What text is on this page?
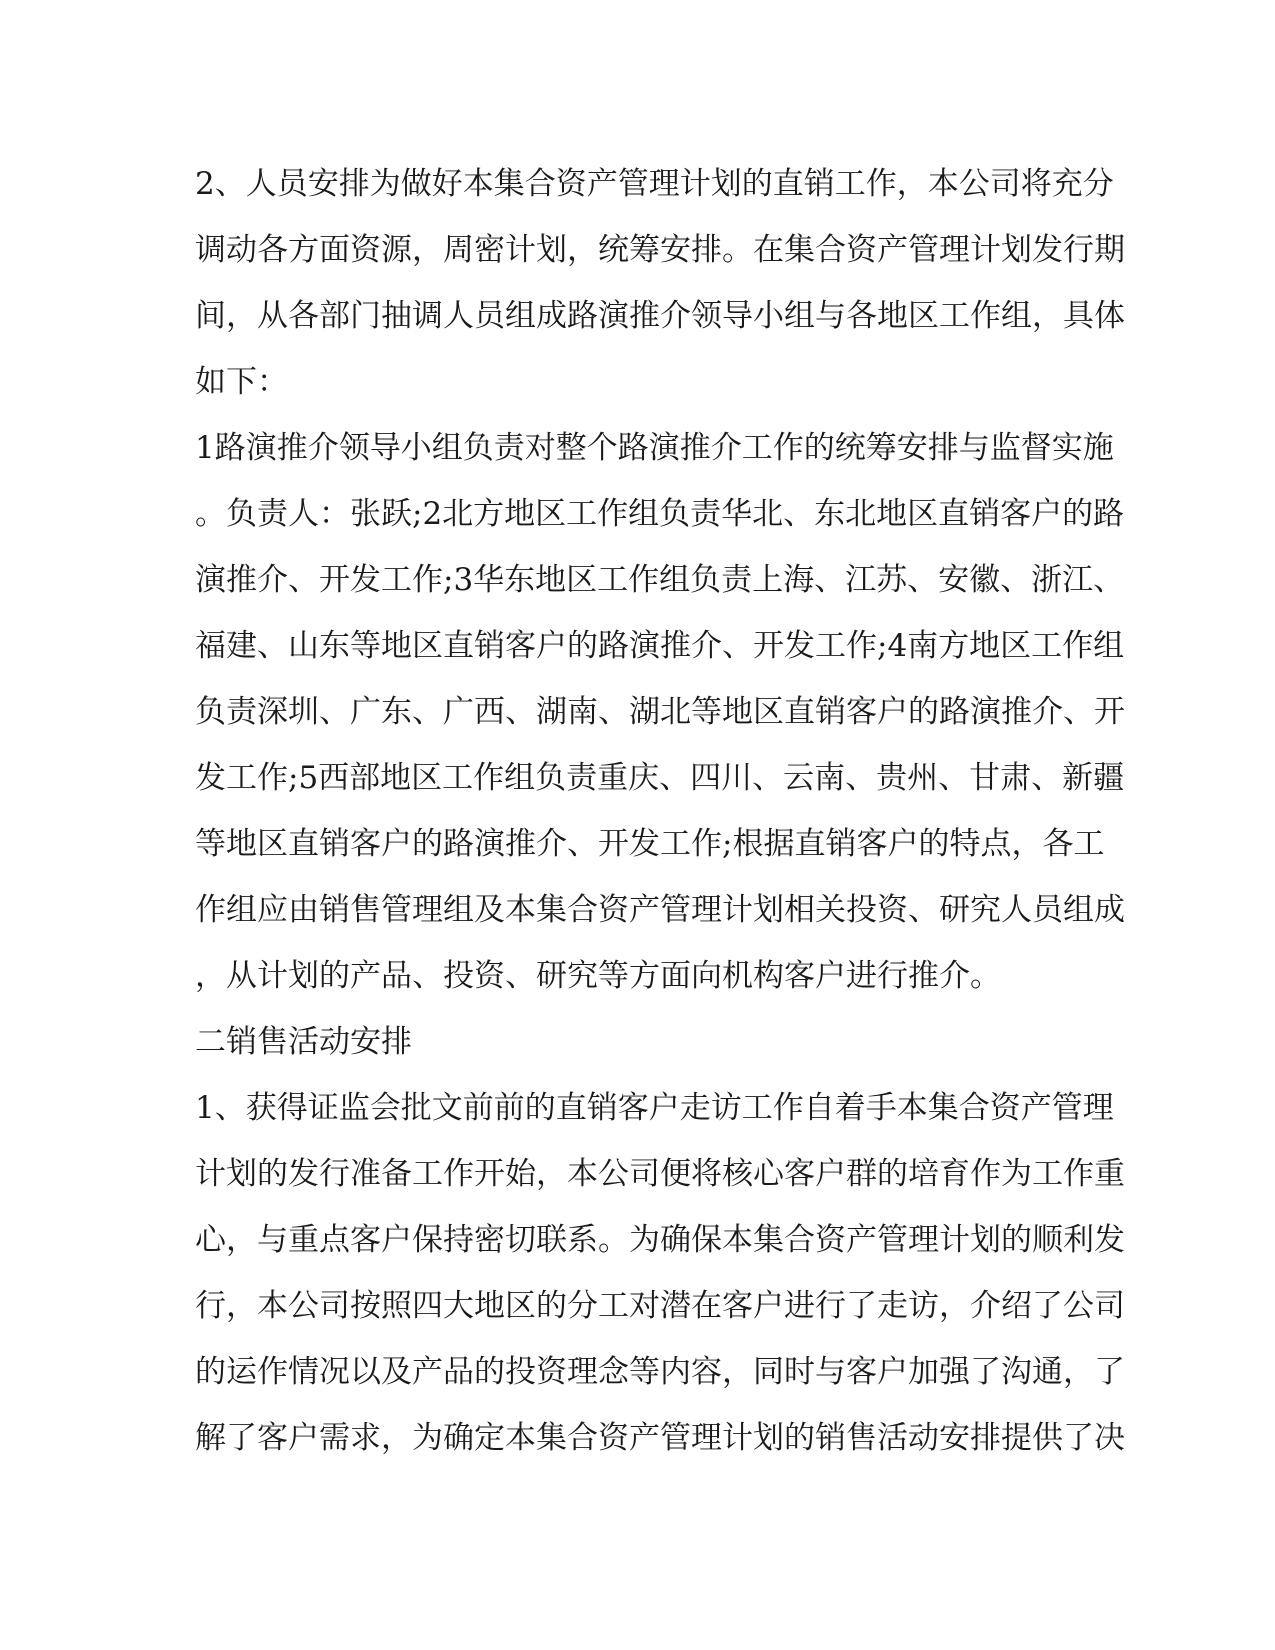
2、人员安排为做好本集合资产管理计划的直销工作，本公司将充分
调动各方面资源，周密计划，统筹安排。在集合资产管理计划发行期
间，从各部门抽调人员组成路演推介领导小组与各地区工作组，具体
如下：
1路演推介领导小组负责对整个路演推介工作的统筹安排与监督实施
。负责人：张跃;2北方地区工作组负责华北、东北地区直销客户的路
演推介、开发工作;3华东地区工作组负责上海、江苏、安徽、浙江、
福建、山东等地区直销客户的路演推介、开发工作;4南方地区工作组
负责深圳、广东、广西、湖南、湖北等地区直销客户的路演推介、开
发工作;5西部地区工作组负责重庆、四川、云南、贵州、甘肃、新疆
等地区直销客户的路演推介、开发工作;根据直销客户的特点，各工
作组应由销售管理组及本集合资产管理计划相关投资、研究人员组成
，从计划的产品、投资、研究等方面向机构客户进行推介。
二销售活动安排
1、获得证监会批文前前的直销客户走访工作自着手本集合资产管理
计划的发行准备工作开始，本公司便将核心客户群的培育作为工作重
心，与重点客户保持密切联系。为确保本集合资产管理计划的顺利发
行，本公司按照四大地区的分工对潜在客户进行了走访，介绍了公司
的运作情况以及产品的投资理念等内容，同时与客户加强了沟通，了
解了客户需求，为确定本集合资产管理计划的销售活动安排提供了决
